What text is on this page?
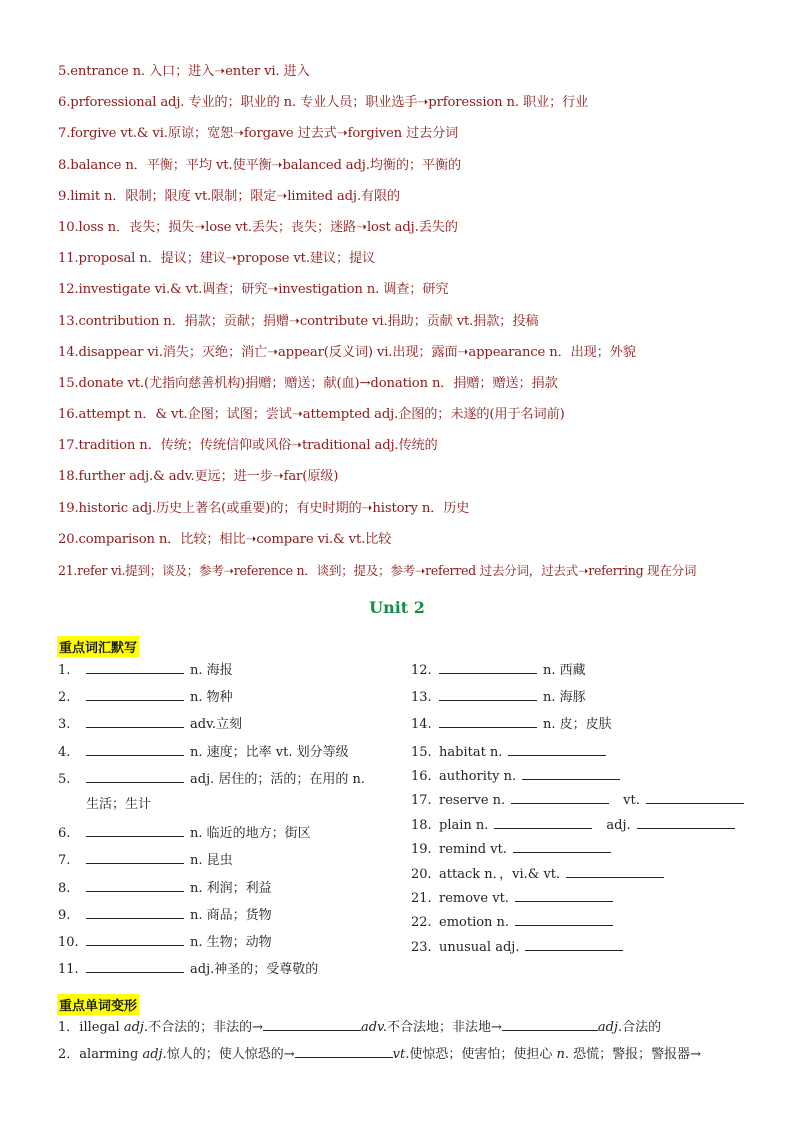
5.entrance n. 入口；进入➝enter vi. 进入
6.prforessional adj. 专业的；职业的 n. 专业人员；职业选手➝prforession n. 职业；行业
7.forgive vt.& vi.原谅；宽恕➝forgave 过去式➝forgiven 过去分词
8.balance n．平衡；平均 vt.使平衡➝balanced adj.均衡的；平衡的
9.limit n．限制；限度 vt.限制；限定➝limited adj.有限的
10.loss n．丧失；损失➝lose vt.丢失；丧失；迷路➝lost adj.丢失的
11.proposal n．提议；建议➝propose vt.建议；提议
12.investigate vi.& vt.调查；研究➝investigation n. 调查；研究
13.contribution n．捐款；贡献；捐赠➝contribute vi.捐助；贡献 vt.捐款；投稿
14.disappear vi.消失；灭绝；消亡➝appear(反义词) vi.出现；露面➝appearance n．出现；外貌
15.donate vt.(尤指向慈善机构)捐赠；赠送；献(血)→donation n．捐赠；赠送；捐款
16.attempt n．& vt.企图；试图；尝试➝attempted adj.企图的；未遂的(用于名词前)
17.tradition n．传统；传统信仰或风俗➝traditional adj.传统的
18.further adj.& adv.更远；进一步➝far(原级)
19.historic adj.历史上著名(或重要)的；有史时期的➝history n．历史
20.comparison n．比较；相比➝compare vi.& vt.比较
21.refer vi.提到；谈及；参考➝reference n．谈到；提及；参考➝referred 过去分词，过去式➝referring 现在分词
Unit 2
重点词汇默写
1.	n. 海报
2.	n. 物种
3.	adv.立刻
4.	n. 速度；比率 vt. 划分等级
5.	adj. 居住的；活的；在用的 n.
生活；生计
6.	n. 临近的地方；街区
7.	n. 昆虫
8.	n. 利润；利益
9.	n. 商品；货物
10.	n. 生物；动物
11.	adj.神圣的；受尊敬的
12.	n. 西藏
13.	n. 海豚
14.	n. 皮；皮肤
15. habitat n.
16. authority n.
17. reserve n.	vt.
18. plain n.	adj.
19. remind vt.
20. attack n．，vi.& vt.
21. remove vt.
22. emotion n.
23. unusual adj.
重点单词变形
1．illegal adj.不合法的；非法的→	adv.不合法地；非法地→	adj.合法的
2．alarming adj.惊人的；使人惊恐的→	vt.使惊恐；使害怕；使担心 n. 恐慌；警报；警报器→
